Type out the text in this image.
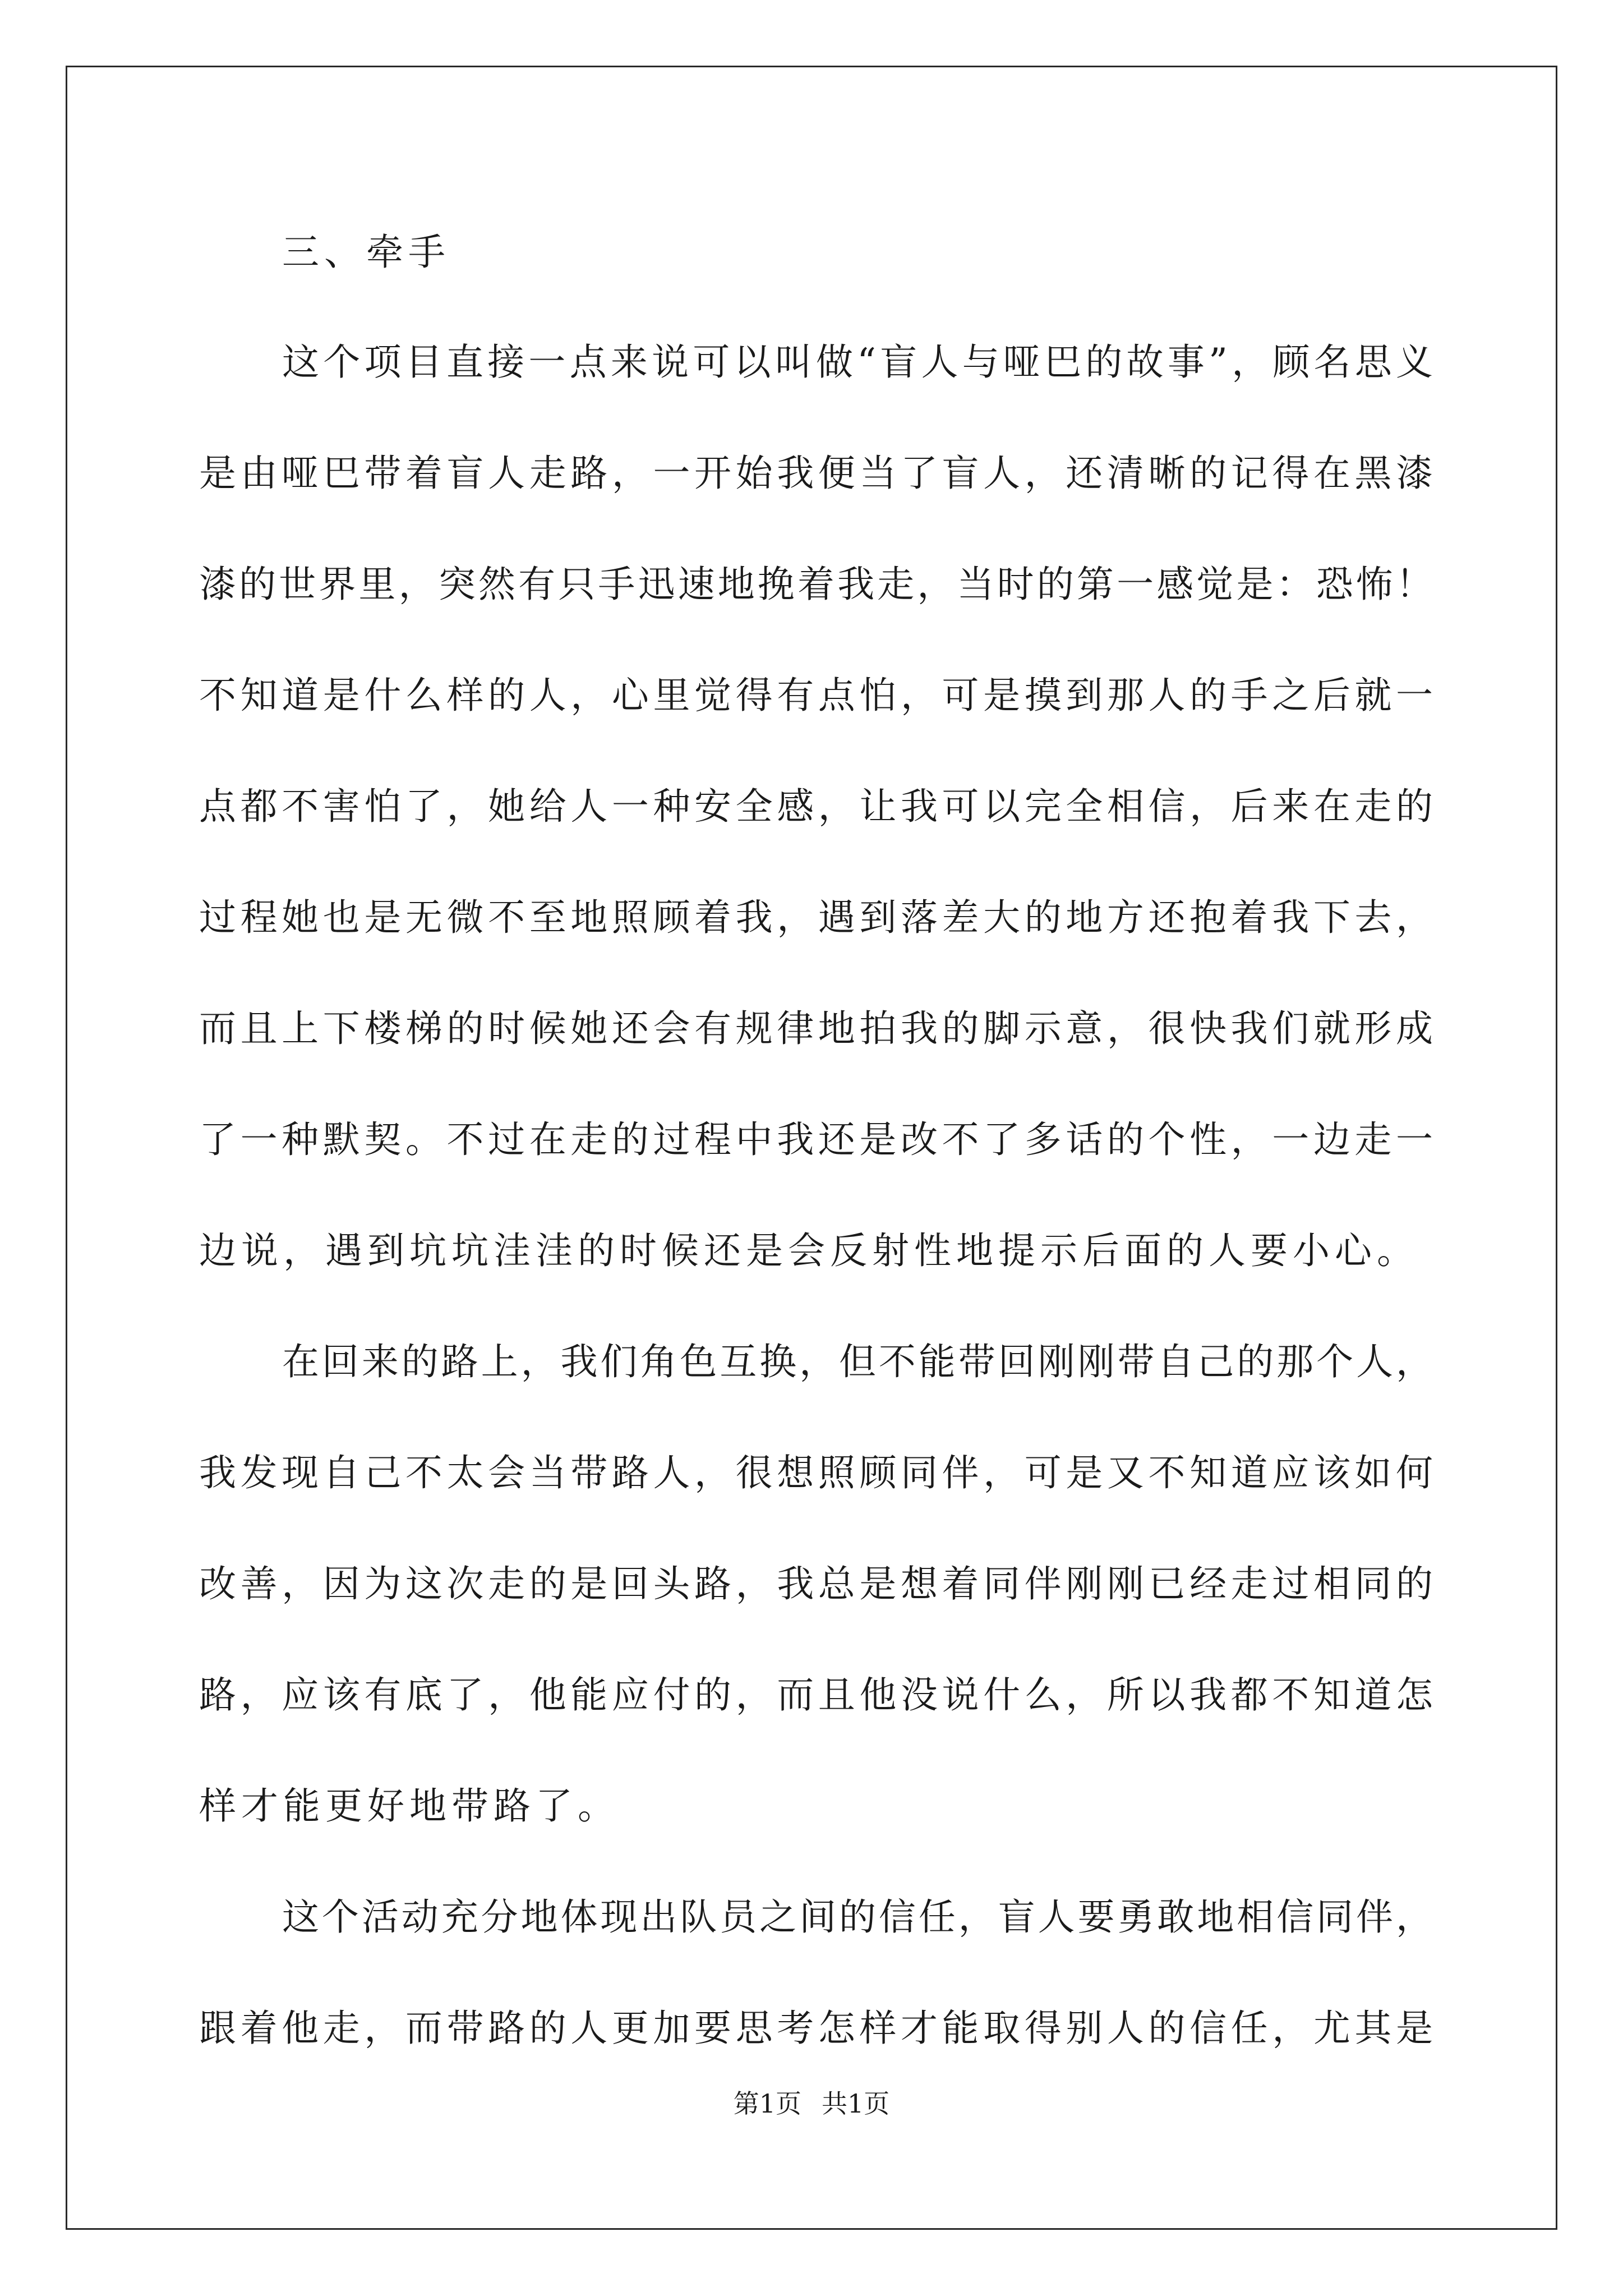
三、牵手
这个项目直接一点来说可以叫做“盲人与哑巴的故事”，顾名思义
是由哑巴带着盲人走路，一开始我便当了盲人，还清晰的记得在黑漆
漆的世界里，突然有只手迅速地挽着我走，当时的第一感觉是：恐怖！
不知道是什么样的人，心里觉得有点怕，可是摸到那人的手之后就一
点都不害怕了，她给人一种安全感，让我可以完全相信，后来在走的
过程她也是无微不至地照顾着我，遇到落差大的地方还抱着我下去，
而且上下楼梯的时候她还会有规律地拍我的脚示意，很快我们就形成
了一种默契。不过在走的过程中我还是改不了多话的个性，一边走一
边说，遇到坑坑洼洼的时候还是会反射性地提示后面的人要小心。
在回来的路上，我们角色互换，但不能带回刚刚带自己的那个人，
我发现自己不太会当带路人，很想照顾同伴，可是又不知道应该如何
改善，因为这次走的是回头路，我总是想着同伴刚刚已经走过相同的
路，应该有底了，他能应付的，而且他没说什么，所以我都不知道怎
样才能更好地带路了。
这个活动充分地体现出队员之间的信任，盲人要勇敢地相信同伴，
跟着他走，而带路的人更加要思考怎样才能取得别人的信任，尤其是
第1页 共1页
